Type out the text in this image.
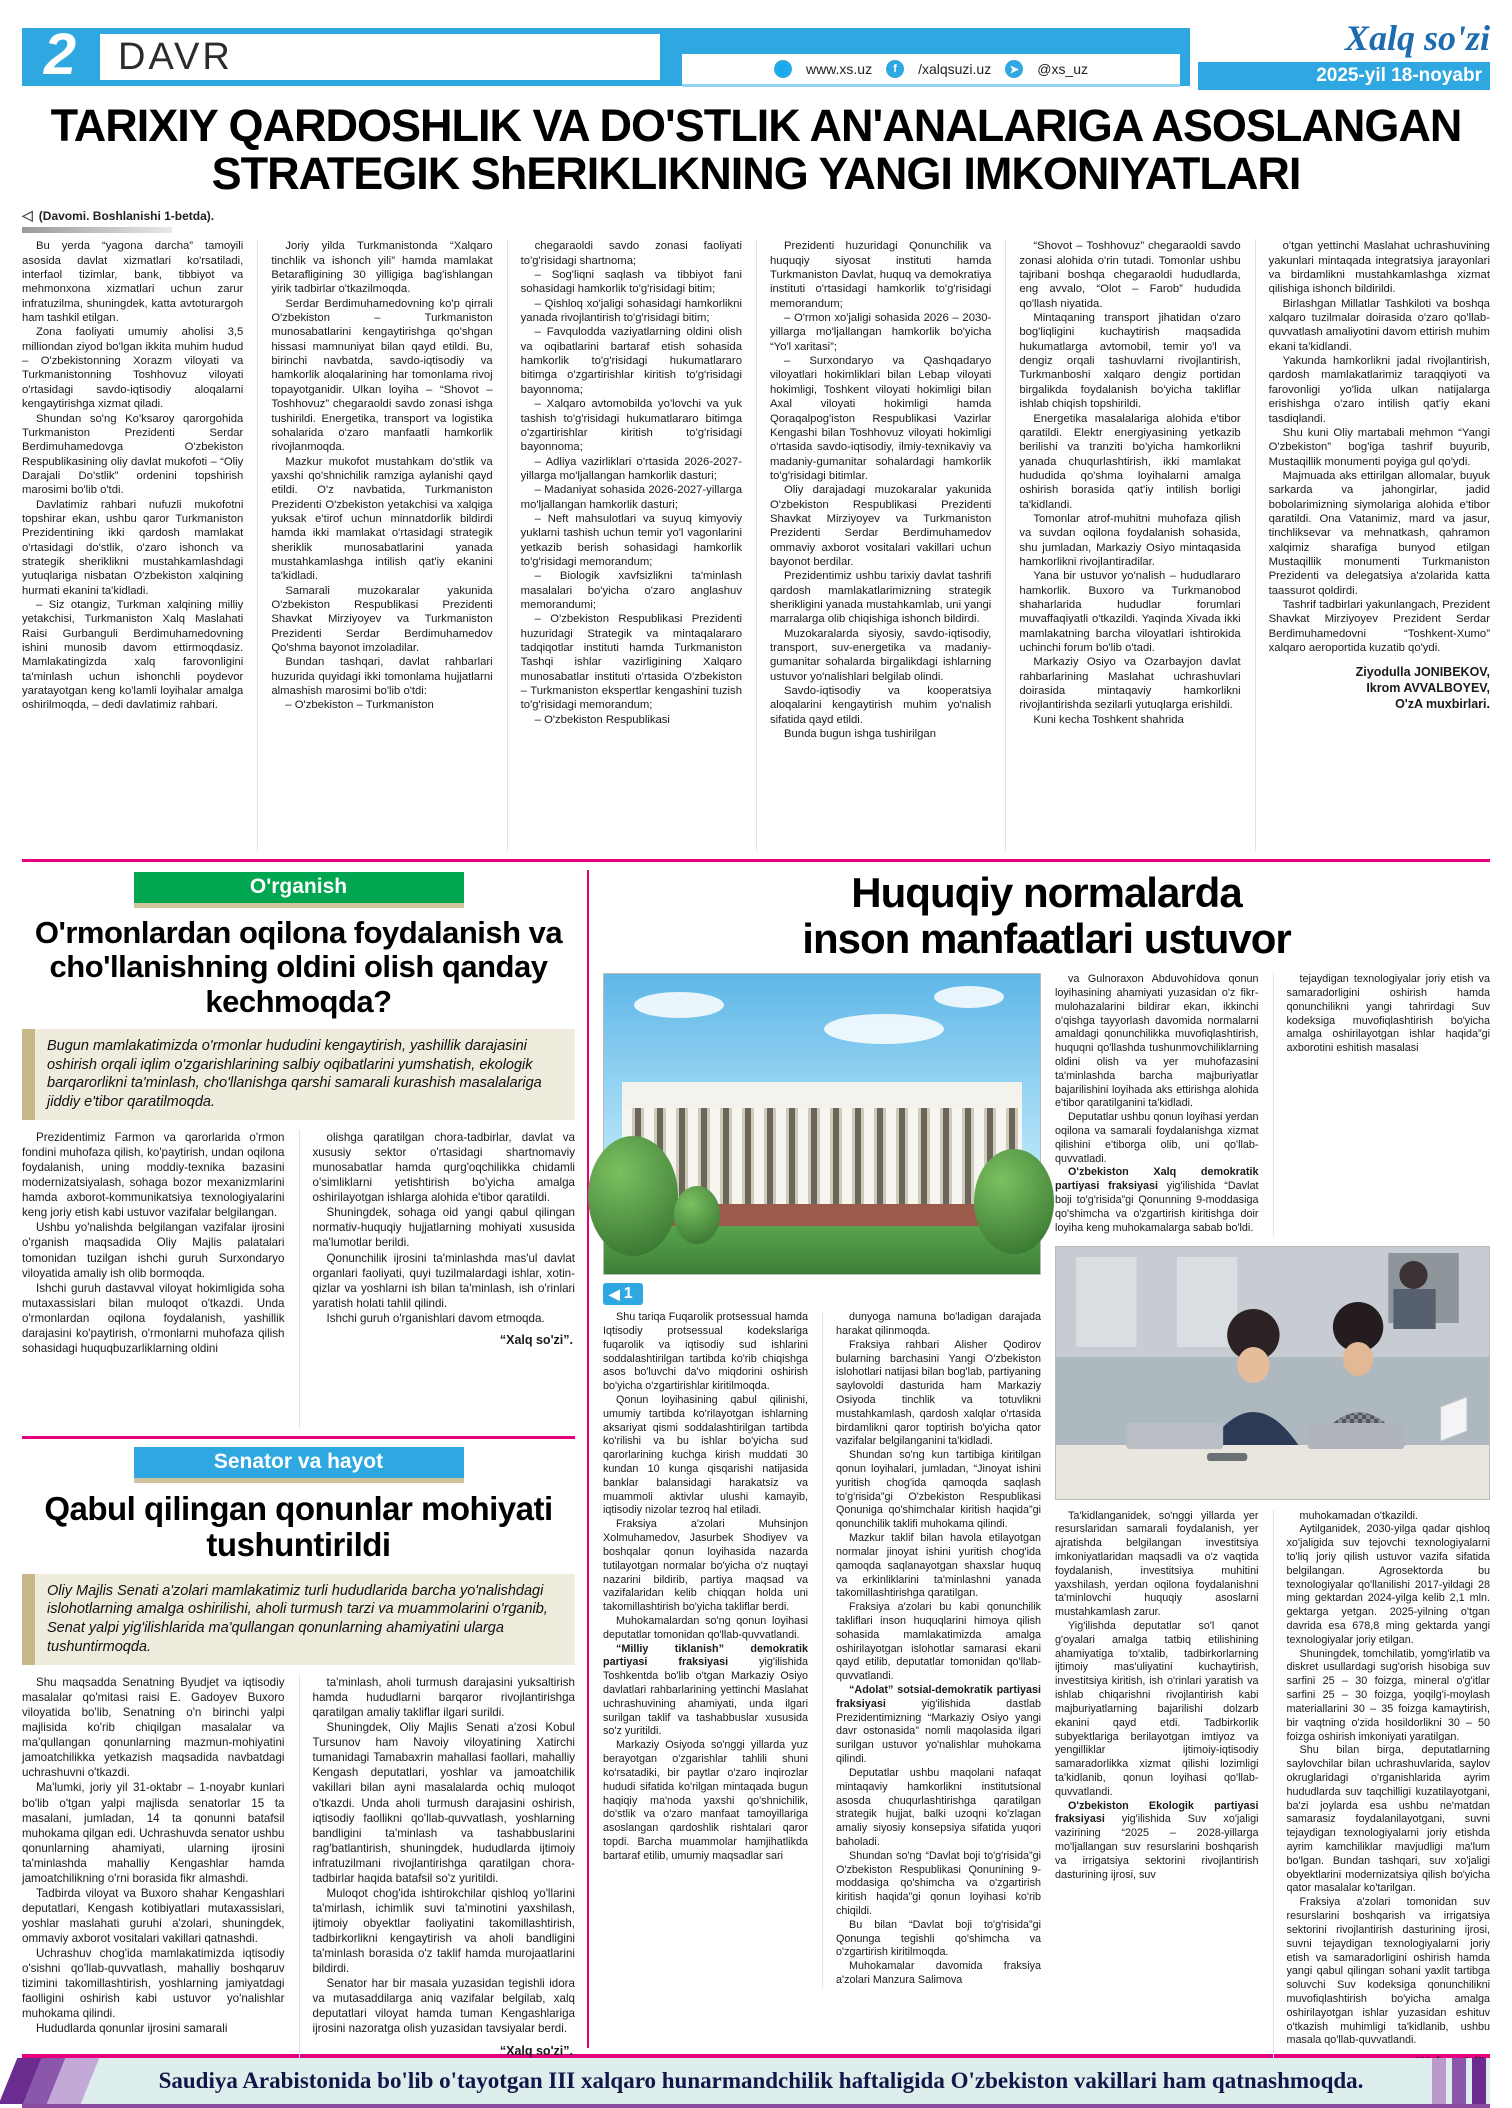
2	DAVR	🌐 www.xs.uz	f	/xalqsuzi.uz	➤	@xs_uz
Xalq so'zi
2025-yil 18-noyabr
TARIXIY QARDOSHLIK VA DO'STLIK AN'ANALARIGA ASOSLANGAN
STRATEGIK ShERIKLIKNING YANGI IMKONIYATLARI
◁ (Davomi. Boshlanishi 1-betda).

Bu yerda “yagona darcha” tamoyili asosida davlat xizmatlari ko'rsatiladi, interfaol tizimlar, bank, tibbiyot va mehmonxona xizmatlari uchun zarur infratuzilma, shuningdek, katta avtoturargoh ham tashkil etilgan.

Zona faoliyati umumiy aholisi 3,5 milliondan ziyod bo'lgan ikkita muhim hudud – O'zbekistonning Xorazm viloyati va Turkmanistonning Toshhovuz viloyati o'rtasidagi savdo-iqtisodiy aloqalarni kengaytirishga xizmat qiladi.

Shundan so'ng Ko'ksaroy qarorgohida Turkmaniston Prezidenti Serdar Berdimuhamedovga O'zbekiston Respublikasining oliy davlat mukofoti – “Oliy Darajali Do'stlik” ordenini topshirish marosimi bo'lib o'tdi.

Davlatimiz rahbari nufuzli mukofotni topshirar ekan, ushbu qaror Turkmaniston Prezidentining ikki qardosh mamlakat o'rtasidagi do'stlik, o'zaro ishonch va strategik sheriklikni mustahkamlashdagi yutuqlariga nisbatan O'zbekiston xalqining hurmati ekanini ta'kidladi.

– Siz otangiz, Turkman xalqining milliy yetakchisi, Turkmaniston Xalq Maslahati Raisi Gurbanguli Berdimuhamedovning ishini munosib davom ettirmoqdasiz. Mamlakatingizda xalq farovonligini ta'minlash uchun ishonchli poydevor yaratayotgan keng ko'lamli loyihalar amalga oshirilmoqda, – dedi davlatimiz rahbari.

Joriy yilda Turkmanistonda “Xalqaro tinchlik va ishonch yili” hamda mamlakat Betarafligining 30 yilligiga bag'ishlangan yirik tadbirlar o'tkazilmoqda.

Serdar Berdimuhamedovning ko'p qirrali O'zbekiston – Turkmaniston munosabatlarini kengaytirishga qo'shgan hissasi mamnuniyat bilan qayd etildi. Bu, birinchi navbatda, savdo-iqtisodiy va hamkorlik aloqalarining har tomonlama rivoj topayotganidir. Ulkan loyiha – “Shovot – Toshhovuz” chegaraoldi savdo zonasi ishga tushirildi. Energetika, transport va logistika sohalarida o'zaro manfaatli hamkorlik rivojlanmoqda.

Mazkur mukofot mustahkam do'stlik va yaxshi qo'shnichilik ramziga aylanishi qayd etildi. O'z navbatida, Turkmaniston Prezidenti O'zbekiston yetakchisi va xalqiga yuksak e'tirof uchun minnatdorlik bildirdi hamda ikki mamlakat o'rtasidagi strategik sheriklik munosabatlarini yanada mustahkamlashga intilish qat'iy ekanini ta'kidladi.

Samarali muzokaralar yakunida O'zbekiston Respublikasi Prezidenti Shavkat Mirziyoyev va Turkmaniston Prezidenti Serdar Berdimuhamedov Qo'shma bayonot imzoladilar.

Bundan tashqari, davlat rahbarlari huzurida quyidagi ikki tomonlama hujjatlarni almashish marosimi bo'lib o'tdi:

– O'zbekiston – Turkmaniston

chegaraoldi savdo zonasi faoliyati to'g'risidagi shartnoma;

– Sog'liqni saqlash va tibbiyot fani sohasidagi hamkorlik to'g'risidagi bitim;

– Qishloq xo'jaligi sohasidagi hamkorlikni yanada rivojlantirish to'g'risidagi bitim;

– Favqulodda vaziyatlarning oldini olish va oqibatlarini bartaraf etish sohasida hamkorlik to'g'risidagi hukumatlararo bitimga o'zgartirishlar kiritish to'g'risidagi bayonnoma;

– Xalqaro avtomobilda yo'lovchi va yuk tashish to'g'risidagi hukumatlararo bitimga o'zgartirishlar kiritish to'g'risidagi bayonnoma;

– Adliya vazirliklari o'rtasida 2026-2027-yillarga mo'ljallangan hamkorlik dasturi;

– Madaniyat sohasida 2026-2027-yillarga mo'ljallangan hamkorlik dasturi;

– Neft mahsulotlari va suyuq kimyoviy yuklarni tashish uchun temir yo'l vagonlarini yetkazib berish sohasidagi hamkorlik to'g'risidagi memorandum;

– Biologik xavfsizlikni ta'minlash masalalari bo'yicha o'zaro anglashuv memorandumi;

– O'zbekiston Respublikasi Prezidenti huzuridagi Strategik va mintaqalararo tadqiqotlar instituti hamda Turkmaniston Tashqi ishlar vazirligining Xalqaro munosabatlar instituti o'rtasida O'zbekiston – Turkmaniston ekspertlar kengashini tuzish to'g'risidagi memorandum;

– O'zbekiston Respublikasi

Prezidenti huzuridagi Qonunchilik va huquqiy siyosat instituti hamda Turkmaniston Davlat, huquq va demokratiya instituti o'rtasidagi hamkorlik to'g'risidagi memorandum;

– O'rmon xo'jaligi sohasida 2026 – 2030-yillarga mo'ljallangan hamkorlik bo'yicha “Yo'l xaritasi”;

– Surxondaryo va Qashqadaryo viloyatlari hokimliklari bilan Lebap viloyati hokimligi, Toshkent viloyati hokimligi bilan Axal viloyati hokimligi hamda Qoraqalpog'iston Respublikasi Vazirlar Kengashi bilan Toshhovuz viloyati hokimligi o'rtasida savdo-iqtisodiy, ilmiy-texnikaviy va madaniy-gumanitar sohalardagi hamkorlik to'g'risidagi bitimlar.

Oliy darajadagi muzokaralar yakunida O'zbekiston Respublikasi Prezidenti Shavkat Mirziyoyev va Turkmaniston Prezidenti Serdar Berdimuhamedov ommaviy axborot vositalari vakillari uchun bayonot berdilar.

Prezidentimiz ushbu tarixiy davlat tashrifi qardosh mamlakatlarimizning strategik sherikligini yanada mustahkamlab, uni yangi marralarga olib chiqishiga ishonch bildirdi.

Muzokaralarda siyosiy, savdo-iqtisodiy, transport, suv-energetika va madaniy-gumanitar sohalarda birgalikdagi ishlarning ustuvor yo'nalishlari belgilab olindi.

Savdo-iqtisodiy va kooperatsiya aloqalarini kengaytirish muhim yo'nalish sifatida qayd etildi.

Bunda bugun ishga tushirilgan

“Shovot – Toshhovuz” chegaraoldi savdo zonasi alohida o'rin tutadi. Tomonlar ushbu tajribani boshqa chegaraoldi hududlarda, eng avvalo, “Olot – Farob” hududida qo'llash niyatida.

Mintaqaning transport jihatidan o'zaro bog'liqligini kuchaytirish maqsadida hukumatlarga avtomobil, temir yo'l va dengiz orqali tashuvlarni rivojlantirish, Turkmanboshi xalqaro dengiz portidan birgalikda foydalanish bo'yicha takliflar ishlab chiqish topshirildi.

Energetika masalalariga alohida e'tibor qaratildi. Elektr energiyasining yetkazib berilishi va tranziti bo'yicha hamkorlikni yanada chuqurlashtirish, ikki mamlakat hududida qo'shma loyihalarni amalga oshirish borasida qat'iy intilish borligi ta'kidlandi.

Tomonlar atrof-muhitni muhofaza qilish va suvdan oqilona foydalanish sohasida, shu jumladan, Markaziy Osiyo mintaqasida hamkorlikni rivojlantiradilar.

Yana bir ustuvor yo'nalish – hududlararo hamkorlik. Buxoro va Turkmanobod shaharlarida hududlar forumlari muvaffaqiyatli o'tkazildi. Yaqinda Xivada ikki mamlakatning barcha viloyatlari ishtirokida uchinchi forum bo'lib o'tadi.

Markaziy Osiyo va Ozarbayjon davlat rahbarlarining Maslahat uchrashuvlari doirasida mintaqaviy hamkorlikni rivojlantirishda sezilarli yutuqlarga erishildi.

Kuni kecha Toshkent shahrida

o'tgan yettinchi Maslahat uchrashuvining yakunlari mintaqada integratsiya jarayonlari va birdamlikni mustahkamlashga xizmat qilishiga ishonch bildirildi.

Birlashgan Millatlar Tashkiloti va boshqa xalqaro tuzilmalar doirasida o'zaro qo'llab-quvvatlash amaliyotini davom ettirish muhim ekani ta'kidlandi.

Yakunda hamkorlikni jadal rivojlantirish, qardosh mamlakatlarimiz taraqqiyoti va farovonligi yo'lida ulkan natijalarga erishishga o'zaro intilish qat'iy ekani tasdiqlandi.

Shu kuni Oliy martabali mehmon “Yangi O'zbekiston” bog'iga tashrif buyurib, Mustaqillik monumenti poyiga gul qo'ydi.

Majmuada aks ettirilgan allomalar, buyuk sarkarda va jahongirlar, jadid bobolarimizning siymolariga alohida e'tibor qaratildi. Ona Vatanimiz, mard va jasur, tinchliksevar va mehnatkash, qahramon xalqimiz sharafiga bunyod etilgan Mustaqillik monumenti Turkmaniston Prezidenti va delegatsiya a'zolarida katta taassurot qoldirdi.

Tashrif tadbirlari yakunlangach, Prezident Shavkat Mirziyoyev Prezident Serdar Berdimuhamedovni “Toshkent-Xumo” xalqaro aeroportida kuzatib qo'ydi.

Ziyodulla JONIBEKOV,

Ikrom AVVALBOYEV,

O'zA muxbirlari.

O'rganish
O'rmonlardan oqilona foydalanish va cho'llanishning oldini olish qanday kechmoqda?
Bugun mamlakatimizda o'rmonlar hududini kengaytirish, yashillik darajasini oshirish orqali iqlim o'zgarishlarining salbiy oqibatlarini yumshatish, ekologik barqarorlikni ta'minlash, cho'llanishga qarshi samarali kurashish masalalariga jiddiy e'tibor qaratilmoqda.

Prezidentimiz Farmon va qarorlarida o'rmon fondini muhofaza qilish, ko'paytirish, undan oqilona foydalanish, uning moddiy-texnika bazasini modernizatsiyalash, sohaga bozor mexanizmlarini hamda axborot-kommunikatsiya texnologiyalarini keng joriy etish kabi ustuvor vazifalar belgilangan.

Ushbu yo'nalishda belgilangan vazifalar ijrosini o'rganish maqsadida Oliy Majlis palatalari tomonidan tuzilgan ishchi guruh Surxondaryo viloyatida amaliy ish olib bormoqda.

Ishchi guruh dastavval viloyat hokimligida soha mutaxassislari bilan muloqot o'tkazdi. Unda o'rmonlardan oqilona foydalanish, yashillik darajasini ko'paytirish, o'rmonlarni muhofaza qilish sohasidagi huquqbuzarliklarning oldini

olishga qaratilgan chora-tadbirlar, davlat va xususiy sektor o'rtasidagi shartnomaviy munosabatlar hamda qurg'oqchilikka chidamli o'simliklarni yetishtirish bo'yicha amalga oshirilayotgan ishlarga alohida e'tibor qaratildi.

Shuningdek, sohaga oid yangi qabul qilingan normativ-huquqiy hujjatlarning mohiyati xususida ma'lumotlar berildi.

Qonunchilik ijrosini ta'minlashda mas'ul davlat organlari faoliyati, quyi tuzilmalardagi ishlar, xotin-qizlar va yoshlarni ish bilan ta'minlash, ish o'rinlari yaratish holati tahlil qilindi.

Ishchi guruh o'rganishlari davom etmoqda.

“Xalq so'zi”.
Senator va hayot
Qabul qilingan qonunlar mohiyati tushuntirildi
Oliy Majlis Senati a'zolari mamlakatimiz turli hududlarida barcha yo'nalishdagi islohotlarning amalga oshirilishi, aholi turmush tarzi va muammolarini o'rganib, Senat yalpi yig'ilishlarida ma'qullangan qonunlarning ahamiyatini ularga tushuntirmoqda.

Shu maqsadda Senatning Byudjet va iqtisodiy masalalar qo'mitasi raisi E. Gadoyev Buxoro viloyatida bo'lib, Senatning o'n birinchi yalpi majlisida ko'rib chiqilgan masalalar va ma'qullangan qonunlarning mazmun-mohiyatini jamoatchilikka yetkazish maqsadida navbatdagi uchrashuvni o'tkazdi.

Ma'lumki, joriy yil 31-oktabr – 1-noyabr kunlari bo'lib o'tgan yalpi majlisda senatorlar 15 ta masalani, jumladan, 14 ta qonunni batafsil muhokama qilgan edi. Uchrashuvda senator ushbu qonunlarning ahamiyati, ularning ijrosini ta'minlashda mahalliy Kengashlar hamda jamoatchilikning o'rni borasida fikr almashdi.

Tadbirda viloyat va Buxoro shahar Kengashlari deputatlari, Kengash kotibiyatlari mutaxassislari, yoshlar maslahati guruhi a'zolari, shuningdek, ommaviy axborot vositalari vakillari qatnashdi.

Uchrashuv chog'ida mamlakatimizda iqtisodiy o'sishni qo'llab-quvvatlash, mahalliy boshqaruv tizimini takomillashtirish, yoshlarning jamiyatdagi faolligini oshirish kabi ustuvor yo'nalishlar muhokama qilindi.

Hududlarda qonunlar ijrosini samarali

ta'minlash, aholi turmush darajasini yuksaltirish hamda hududlarni barqaror rivojlantirishga qaratilgan amaliy takliflar ilgari surildi.

Shuningdek, Oliy Majlis Senati a'zosi Kobul Tursunov ham Navoiy viloyatining Xatirchi tumanidagi Tamabaxrin mahallasi faollari, mahalliy Kengash deputatlari, yoshlar va jamoatchilik vakillari bilan ayni masalalarda ochiq muloqot o'tkazdi. Unda aholi turmush darajasini oshirish, iqtisodiy faollikni qo'llab-quvvatlash, yoshlarning bandligini ta'minlash va tashabbuslarini rag'batlantirish, shuningdek, hududlarda ijtimoiy infratuzilmani rivojlantirishga qaratilgan chora-tadbirlar haqida batafsil so'z yuritildi.

Muloqot chog'ida ishtirokchilar qishloq yo'llarini ta'mirlash, ichimlik suvi ta'minotini yaxshilash, ijtimoiy obyektlar faoliyatini takomillashtirish, tadbirkorlikni kengaytirish va aholi bandligini ta'minlash borasida o'z taklif hamda murojaatlarini bildirdi.

Senator har bir masala yuzasidan tegishli idora va mutasaddilarga aniq vazifalar belgilab, xalq deputatlari viloyat hamda tuman Kengashlariga ijrosini nazoratga olish yuzasidan tavsiyalar berdi.

“Xalq so'zi”.
Huquqiy normalarda
inson manfaatlari ustuvor
◀ 1

Shu tariqa Fuqarolik protsessual hamda Iqtisodiy protsessual kodekslariga fuqarolik va iqtisodiy sud ishlarini soddalashtirilgan tartibda ko'rib chiqishga asos bo'luvchi da'vo miqdorini oshirish bo'yicha o'zgartirishlar kiritilmoqda.

Qonun loyihasining qabul qilinishi, umumiy tartibda ko'rilayotgan ishlarning aksariyat qismi soddalashtirilgan tartibda ko'rilishi va bu ishlar bo'yicha sud qarorlarining kuchga kirish muddati 30 kundan 10 kunga qisqarishi natijasida banklar balansidagi harakatsiz va muammoli aktivlar ulushi kamayib, iqtisodiy nizolar tezroq hal etiladi.

Fraksiya a'zolari Muhsinjon Xolmuhamedov, Jasurbek Shodiyev va boshqalar qonun loyihasida nazarda tutilayotgan normalar bo'yicha o'z nuqtayi nazarini bildirib, partiya maqsad va vazifalaridan kelib chiqqan holda uni takomillashtirish bo'yicha takliflar berdi.

Muhokamalardan so'ng qonun loyihasi deputatlar tomonidan qo'llab-quvvatlandi.

“Milliy tiklanish” demokratik partiyasi fraksiyasi yig'ilishida Toshkentda bo'lib o'tgan Markaziy Osiyo davlatlari rahbarlarining yettinchi Maslahat uchrashuvining ahamiyati, unda ilgari surilgan taklif va tashabbuslar xususida so'z yuritildi.

Markaziy Osiyoda so'nggi yillarda yuz berayotgan o'zgarishlar tahlili shuni ko'rsatadiki, bir paytlar o'zaro inqirozlar hududi sifatida ko'rilgan mintaqada bugun haqiqiy ma'noda yaxshi qo'shnichilik, do'stlik va o'zaro manfaat tamoyillariga asoslangan qardoshlik rishtalari qaror topdi. Barcha muammolar hamjihatlikda bartaraf etilib, umumiy maqsadlar sari

dunyoga namuna bo'ladigan darajada harakat qilinmoqda.

Fraksiya rahbari Alisher Qodirov bularning barchasini Yangi O'zbekiston islohotlari natijasi bilan bog'lab, partiyaning saylovoldi dasturida ham Markaziy Osiyoda tinchlik va totuvlikni mustahkamlash, qardosh xalqlar o'rtasida birdamlikni qaror toptirish bo'yicha qator vazifalar belgilanganini ta'kidladi.

Shundan so'ng kun tartibiga kiritilgan qonun loyihalari, jumladan, “Jinoyat ishini yuritish chog'ida qamoqda saqlash to'g'risida”gi O'zbekiston Respublikasi Qonuniga qo'shimchalar kiritish haqida”gi qonunchilik taklifi muhokama qilindi.

Mazkur taklif bilan havola etilayotgan normalar jinoyat ishini yuritish chog'ida qamoqda saqlanayotgan shaxslar huquq va erkinliklarini ta'minlashni yanada takomillashtirishga qaratilgan.

Fraksiya a'zolari bu kabi qonunchilik takliflari inson huquqlarini himoya qilish sohasida mamlakatimizda amalga oshirilayotgan islohotlar samarasi ekani qayd etilib, deputatlar tomonidan qo'llab-quvvatlandi.

“Adolat” sotsial-demokratik partiyasi fraksiyasi yig'ilishida dastlab Prezidentimizning “Markaziy Osiyo yangi davr ostonasida” nomli maqolasida ilgari surilgan ustuvor yo'nalishlar muhokama qilindi.

Deputatlar ushbu maqolani nafaqat mintaqaviy hamkorlikni institutsional asosda chuqurlashtirishga qaratilgan strategik hujjat, balki uzoqni ko'zlagan amaliy siyosiy konsepsiya sifatida yuqori baholadi.

Shundan so'ng “Davlat boji to'g'risida”gi O'zbekiston Respublikasi Qonunining 9-moddasiga qo'shimcha va o'zgartirish kiritish haqida”gi qonun loyihasi ko'rib chiqildi.

Bu bilan “Davlat boji to'g'risida”gi Qonunga tegishli qo'shimcha va o'zgartirish kiritilmoqda.

Muhokamalar davomida fraksiya a'zolari Manzura Salimova

va Gulnoraxon Abduvohidova qonun loyihasining ahamiyati yuzasidan o'z fikr-mulohazalarini bildirar ekan, ikkinchi o'qishga tayyorlash davomida normalarni amaldagi qonunchilikka muvofiqlashtirish, huquqni qo'llashda tushunmovchiliklarning oldini olish va yer muhofazasini ta'minlashda barcha majburiyatlar bajarilishini loyihada aks ettirishga alohida e'tibor qaratilganini ta'kidladi.

Deputatlar ushbu qonun loyihasi yerdan oqilona va samarali foydalanishga xizmat qilishini e'tiborga olib, uni qo'llab-quvvatladi.

O'zbekiston Xalq demokratik partiyasi fraksiyasi yig'ilishida “Davlat boji to'g'risida”gi Qonunning 9-moddasiga qo'shimcha va o'zgartirish kiritishga doir loyiha keng muhokamalarga sabab bo'ldi.

tejaydigan texnologiyalar joriy etish va samaradorligini oshirish hamda qonunchilikni yangi tahrirdagi Suv kodeksiga muvofiqlashtirish bo'yicha amalga oshirilayotgan ishlar haqida”gi axborotini eshitish masalasi

Ta'kidlanganidek, so'nggi yillarda yer resurslaridan samarali foydalanish, yer ajratishda belgilangan investitsiya imkoniyatlaridan maqsadli va o'z vaqtida foydalanish, investitsiya muhitini yaxshilash, yerdan oqilona foydalanishni ta'minlovchi huquqiy asoslarni mustahkamlash zarur.

Yig'ilishda deputatlar so'l qanot g'oyalari amalga tatbiq etilishining ahamiyatiga to'xtalib, tadbirkorlarning ijtimoiy mas'uliyatini kuchaytirish, investitsiya kiritish, ish o'rinlari yaratish va ishlab chiqarishni rivojlantirish kabi majburiyatlarning bajarilishi dolzarb ekanini qayd etdi. Tadbirkorlik subyektlariga berilayotgan imtiyoz va yengilliklar ijtimoiy-iqtisodiy samaradorlikka xizmat qilishi lozimligi ta'kidlanib, qonun loyihasi qo'llab-quvvatlandi.

O'zbekiston Ekologik partiyasi fraksiyasi yig'ilishida Suv xo'jaligi vazirining “2025 – 2028-yillarga mo'ljallangan suv resurslarini boshqarish va irrigatsiya sektorini rivojlantirish dasturining ijrosi, suv

muhokamadan o'tkazildi.

Aytilganidek, 2030-yilga qadar qishloq xo'jaligida suv tejovchi texnologiyalarni to'liq joriy qilish ustuvor vazifa sifatida belgilangan. Agrosektorda bu texnologiyalar qo'llanilishi 2017-yildagi 28 ming gektardan 2024-yilga kelib 2,1 mln. gektarga yetgan. 2025-yilning o'tgan davrida esa 678,8 ming gektarda yangi texnologiyalar joriy etilgan.

Shuningdek, tomchilatib, yomg'irlatib va diskret usullardagi sug'orish hisobiga suv sarfini 25 – 30 foizga, mineral o'g'itlar sarfini 25 – 30 foizga, yoqilg'i-moylash materiallarini 30 – 35 foizga kamaytirish, bir vaqtning o'zida hosildorlikni 30 – 50 foizga oshirish imkoniyati yaratilgan.

Shu bilan birga, deputatlarning saylovchilar bilan uchrashuvlarida, saylov okruglaridagi o'rganishlarida ayrim hududlarda suv taqchilligi kuzatilayotgani, ba'zi joylarda esa ushbu ne'matdan samarasiz foydalanilayotgani, suvni tejaydigan texnologiyalarni joriy etishda ayrim kamchiliklar mavjudligi ma'lum bo'lgan. Bundan tashqari, suv xo'jaligi obyektlarini modernizatsiya qilish bo'yicha qator masalalar ko'tarilgan.

Fraksiya a'zolari tomonidan suv resurslarini boshqarish va irrigatsiya sektorini rivojlantirish dasturining ijrosi, suvni tejaydigan texnologiyalarni joriy etish va samaradorligini oshirish hamda yangi qabul qilingan sohani yaxlit tartibga soluvchi Suv kodeksiga qonunchilikni muvofiqlashtirish bo'yicha amalga oshirilayotgan ishlar yuzasidan eshituv o'tkazish muhimligi ta'kidlanib, ushbu masala qo'llab-quvvatlandi.

Saudiya Arabistonida bo'lib o'tayotgan III xalqaro hunarmandchilik haftaligida O'zbekiston vakillari ham qatnashmoqda.
